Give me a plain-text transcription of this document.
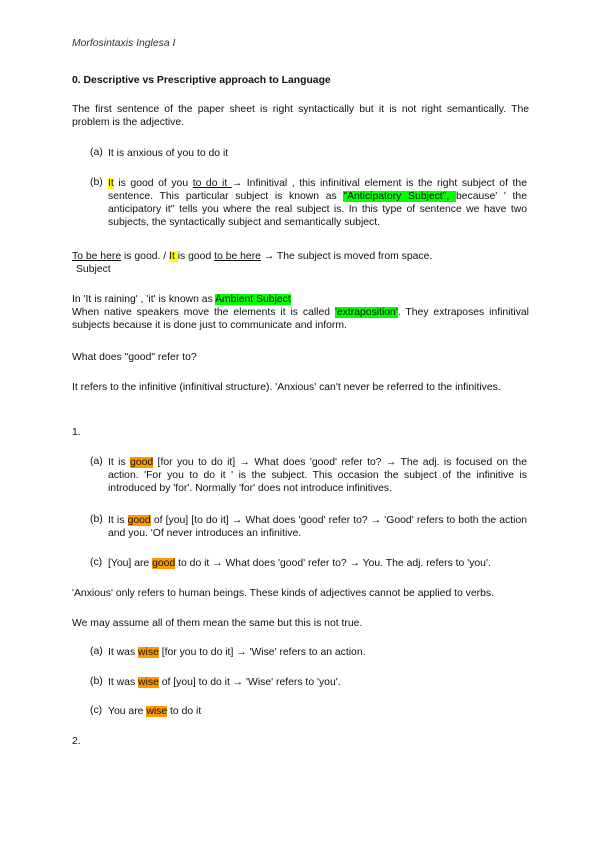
Morfosintaxis Inglesa I
0. Descriptive vs Prescriptive approach to Language
The first sentence of the paper sheet is right syntactically but it is not right semantically. The problem is the adjective.
(a) It is anxious of you to do it

(b) It is good of you to do it → Infinitival , this infinitival element is the right subject of the sentence. This particular subject is known as "Anticipatory Subject", because' ' the anticipatory it'' tells you where the real subject is. In this type of sentence we have two subjects, the syntactically subject and semantically subject.

To be here is good. / It is good to be here → The subject is moved from space.
Subject
In 'It is raining' , 'it' is known as Ambient Subject

When native speakers move the elements it is called 'extraposition'. They extraposes infinitival subjects because it is done just to communicate and inform.

What does "good" refer to?

It refers to the infinitive (infinitival structure). 'Anxious' can't never be referred to the infinitives.

1.
(a) It is good [for you to do it] → What does 'good' refer to? → The adj. is focused on the action. 'For you to do it ' is the subject. This occasion the subject of the infinitive is introduced by 'for'. Normally 'for' does not introduce infinitives.

(b) It is good of [you] [to do it] → What does 'good' refer to? → 'Good' refers to both the action and you. 'Of never introduces an infinitive.

(c) [You] are good to do it → What does 'good' refer to? → You. The adj. refers to 'you'.

'Anxious' only refers to human beings. These kinds of adjectives cannot be applied to verbs.
We may assume all of them mean the same but this is not true.
(a) It was wise [for you to do it] → 'Wise' refers to an action.

(b) It was wise of [you] to do it → 'Wise' refers to 'you'.

(c) You are wise to do it

2.
